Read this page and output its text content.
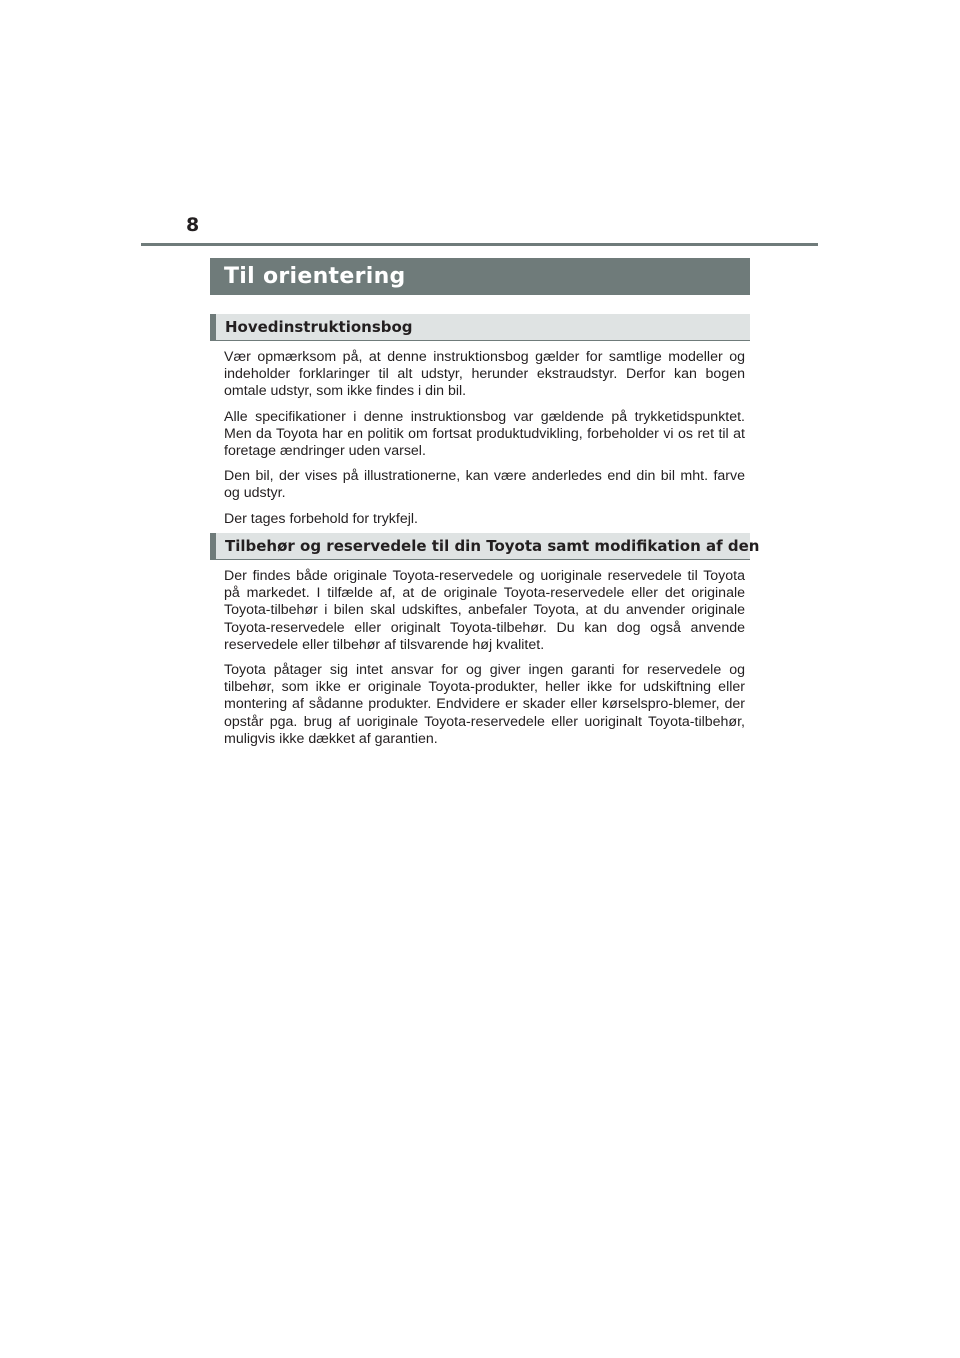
8
Til orientering
Hovedinstruktionsbog

Vær opmærksom på, at denne instruktionsbog gælder for samtlige modeller og indeholder forklaringer til alt udstyr, herunder ekstraudstyr. Derfor kan bogen omtale udstyr, som ikke findes i din bil.

Alle specifikationer i denne instruktionsbog var gældende på trykketidspunktet. Men da Toyota har en politik om fortsat produktudvikling, forbeholder vi os ret til at foretage ændringer uden varsel.

Den bil, der vises på illustrationerne, kan være anderledes end din bil mht. farve og udstyr.

Der tages forbehold for trykfejl.

Tilbehør og reservedele til din Toyota samt modifikation af den

Der findes både originale Toyota-reservedele og uoriginale reservedele til Toyota på markedet. I tilfælde af, at de originale Toyota-reservedele eller det originale Toyota-tilbehør i bilen skal udskiftes, anbefaler Toyota, at du anvender originale Toyota-reservedele eller originalt Toyota-tilbehør. Du kan dog også anvende reservedele eller tilbehør af tilsvarende høj kvalitet.

Toyota påtager sig intet ansvar for og giver ingen garanti for reservedele og tilbehør, som ikke er originale Toyota-produkter, heller ikke for udskiftning eller montering af sådanne produkter. Endvidere er skader eller kørselspro-blemer, der opstår pga. brug af uoriginale Toyota-reservedele eller uoriginalt Toyota-tilbehør, muligvis ikke dækket af garantien.
